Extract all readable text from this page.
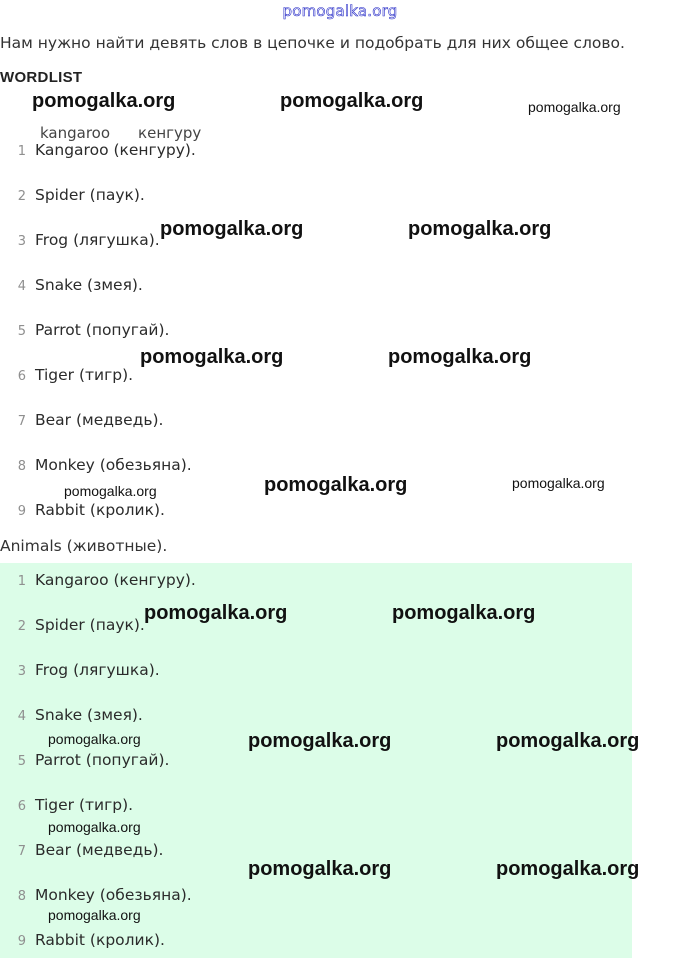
pomogalka.org
Нам нужно найти девять слов в цепочке и подобрать для них общее слово.
WORDLIST
kangaroo кенгуру
1 Kangaroo (кенгуру).
2 Spider (паук).
3 Frog (лягушка).
4 Snake (змея).
5 Parrot (попугай).
6 Tiger (тигр).
7 Bear (медведь).
8 Monkey (обезьяна).
9 Rabbit (кролик).
Animals (животные).
1 Kangaroo (кенгуру).
2 Spider (паук).
3 Frog (лягушка).
4 Snake (змея).
5 Parrot (попугай).
6 Tiger (тигр).
7 Bear (медведь).
8 Monkey (обезьяна).
9 Rabbit (кролик).
pomogalka.org	pomogalka.org	pomogalka.org
pomogalka.org	pomogalka.org
pomogalka.org	pomogalka.org
pomogalka.org	pomogalka.org	pomogalka.org
pomogalka.org	pomogalka.org
pomogalka.org	pomogalka.org	pomogalka.org
pomogalka.org
pomogalka.org	pomogalka.org
pomogalka.org
